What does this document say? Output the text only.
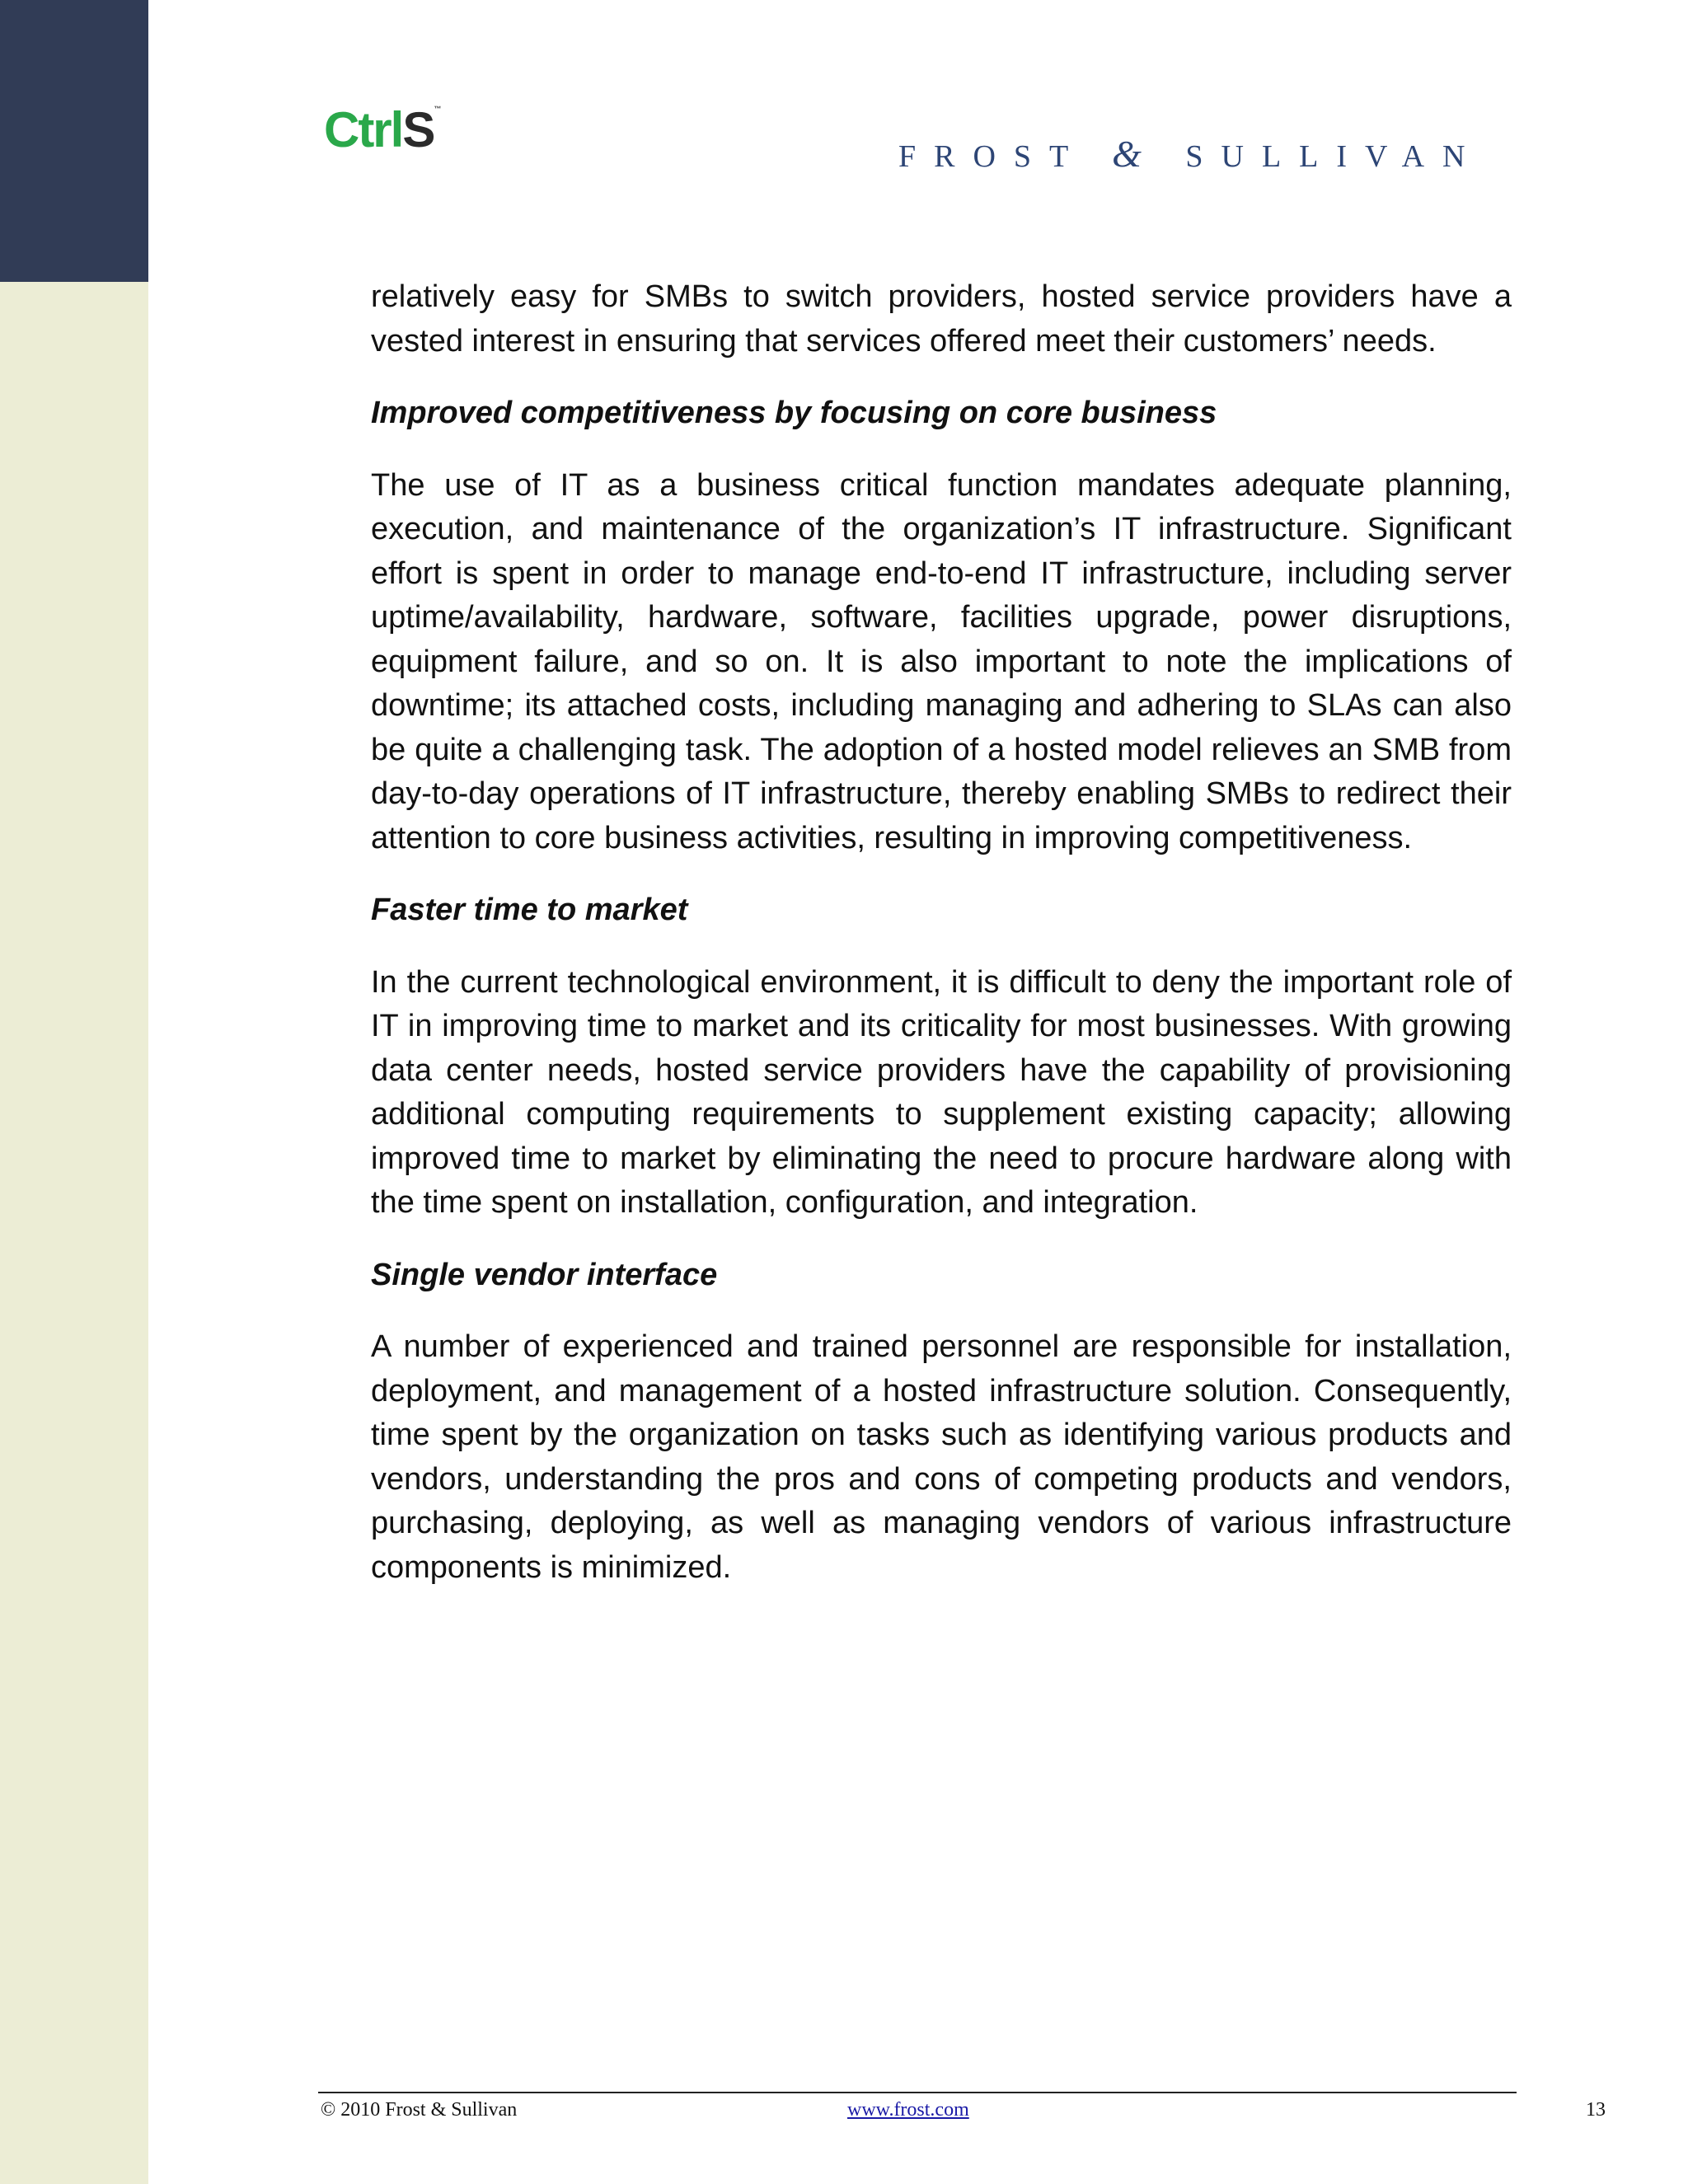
CtrlS™
FROST & SULLIVAN

relatively easy for SMBs to switch providers, hosted service providers have a vested interest in ensuring that services offered meet their customers’ needs.

Improved competitiveness by focusing on core business

The use of IT as a business critical function mandates adequate planning, execution, and maintenance of the organization’s IT infrastructure. Significant effort is spent in order to manage end-to-end IT infrastructure, including server uptime/availability, hardware, software, facilities upgrade, power disruptions, equipment failure, and so on. It is also important to note the implications of downtime; its attached costs, including managing and adhering to SLAs can also be quite a challenging task. The adoption of a hosted model relieves an SMB from day-to-day operations of IT infrastructure, thereby enabling SMBs to redirect their attention to core business activities, resulting in improving competitiveness.

Faster time to market

In the current technological environment, it is difficult to deny the important role of IT in improving time to market and its criticality for most businesses. With growing data center needs, hosted service providers have the capability of provisioning additional computing requirements to supplement existing capacity; allowing improved time to market by eliminating the need to procure hardware along with the time spent on installation, configuration, and integration.

Single vendor interface

A number of experienced and trained personnel are responsible for installation, deployment, and management of a hosted infrastructure solution. Consequently, time spent by the organization on tasks such as identifying various products and vendors, understanding the pros and cons of competing products and vendors, purchasing, deploying, as well as managing vendors of various infrastructure components is minimized.

© 2010 Frost & Sullivan	www.frost.com	13
